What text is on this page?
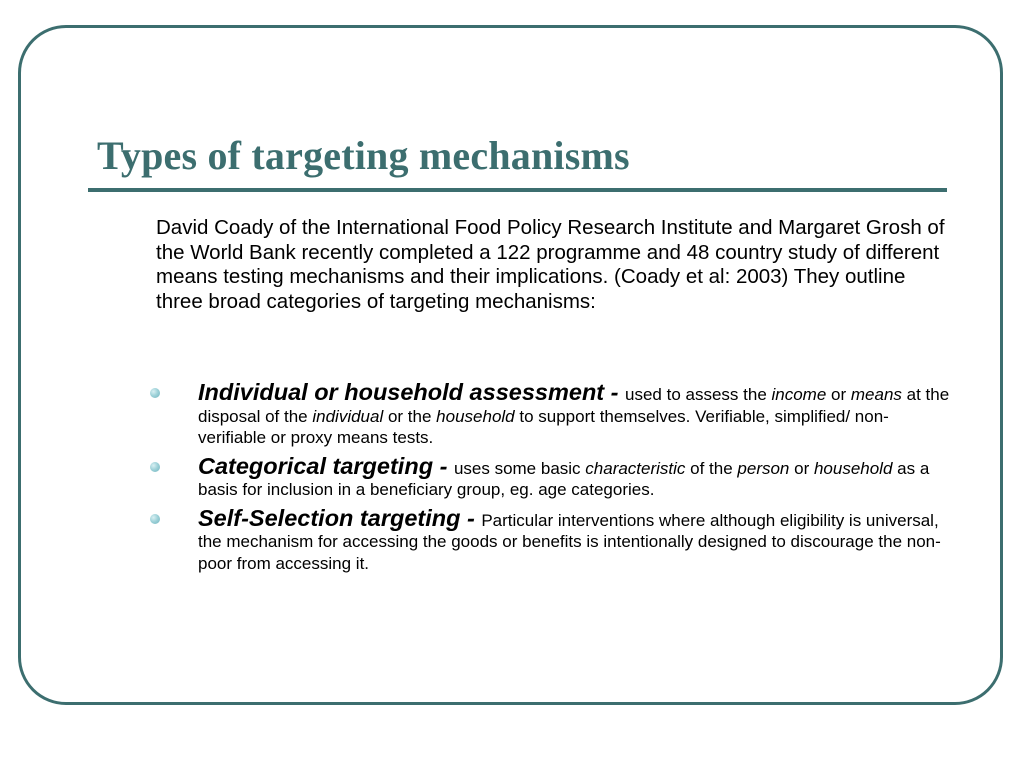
Types of targeting mechanisms

David Coady of the International Food Policy Research Institute and Margaret Grosh of the World Bank recently completed a 122 programme and 48 country study of different means testing mechanisms and their implications. (Coady et al: 2003) They outline three broad categories of targeting mechanisms:

Individual or household assessment - used to assess the income or means at the disposal of the individual or the household to support themselves. Verifiable, simplified/ non-verifiable or proxy means tests.
Categorical targeting - uses some basic characteristic of the person or household as a basis for inclusion in a beneficiary group, eg. age categories.
Self-Selection targeting - Particular interventions where although eligibility is universal, the mechanism for accessing the goods or benefits is intentionally designed to discourage the non-poor from accessing it.
